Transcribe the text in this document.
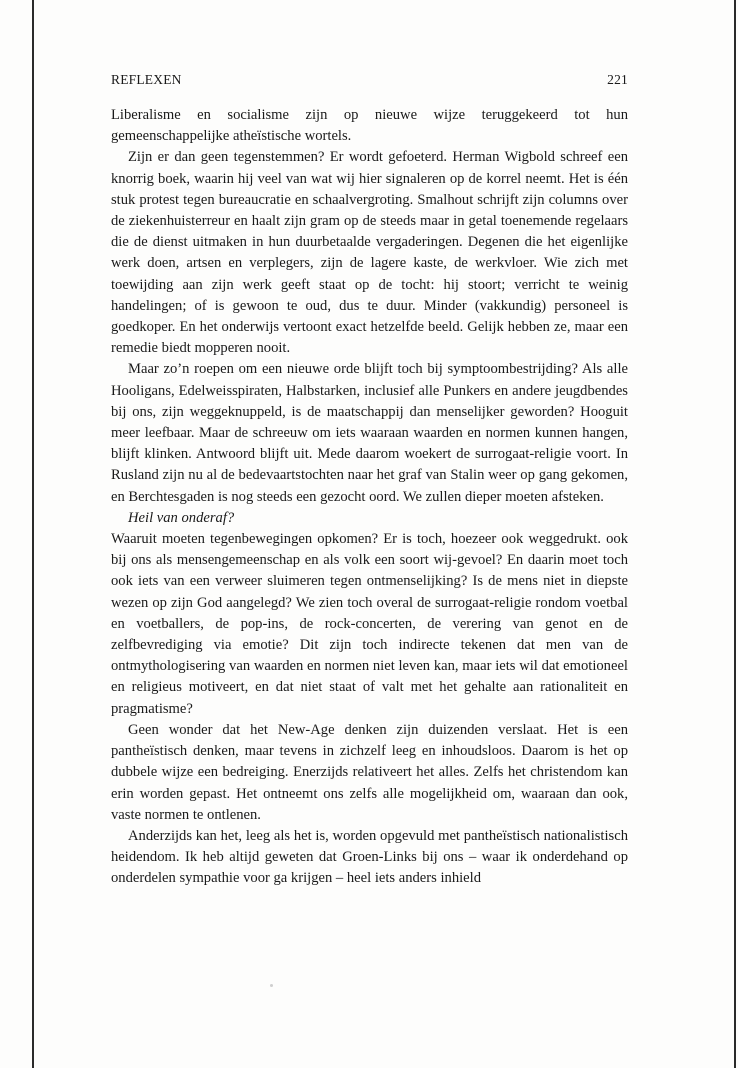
REFLEXEN	221

Liberalisme en socialisme zijn op nieuwe wijze teruggekeerd tot hun gemeenschappelijke atheïstische wortels.

Zijn er dan geen tegenstemmen? Er wordt gefoeterd. Herman Wigbold schreef een knorrig boek, waarin hij veel van wat wij hier signaleren op de korrel neemt. Het is één stuk protest tegen bureaucratie en schaalvergroting. Smalhout schrijft zijn columns over de ziekenhuisterreur en haalt zijn gram op de steeds maar in getal toenemende regelaars die de dienst uitmaken in hun duurbetaalde vergaderingen. Degenen die het eigenlijke werk doen, artsen en verplegers, zijn de lagere kaste, de werkvloer. Wie zich met toewijding aan zijn werk geeft staat op de tocht: hij stoort; verricht te weinig handelingen; of is gewoon te oud, dus te duur. Minder (vakkundig) personeel is goedkoper. En het onderwijs vertoont exact hetzelfde beeld. Gelijk hebben ze, maar een remedie biedt mopperen nooit.

Maar zo’n roepen om een nieuwe orde blijft toch bij symptoombestrijding? Als alle Hooligans, Edelweisspiraten, Halbstarken, inclusief alle Punkers en andere jeugdbendes bij ons, zijn weggeknuppeld, is de maatschappij dan menselijker geworden? Hooguit meer leefbaar. Maar de schreeuw om iets waaraan waarden en normen kunnen hangen, blijft klinken. Antwoord blijft uit. Mede daarom woekert de surrogaat-religie voort. In Rusland zijn nu al de bedevaartstochten naar het graf van Stalin weer op gang gekomen, en Berchtesgaden is nog steeds een gezocht oord. We zullen dieper moeten afsteken.

Heil van onderaf?

Waaruit moeten tegenbewegingen opkomen? Er is toch, hoezeer ook weggedrukt. ook bij ons als mensengemeenschap en als volk een soort wij-gevoel? En daarin moet toch ook iets van een verweer sluimeren tegen ontmenselijking? Is de mens niet in diepste wezen op zijn God aangelegd? We zien toch overal de surrogaat-religie rondom voetbal en voetballers, de pop-ins, de rock-concerten, de verering van genot en de zelfbevrediging via emotie? Dit zijn toch indirecte tekenen dat men van de ontmythologisering van waarden en normen niet leven kan, maar iets wil dat emotioneel en religieus motiveert, en dat niet staat of valt met het gehalte aan rationaliteit en pragmatisme?

Geen wonder dat het New-Age denken zijn duizenden verslaat. Het is een pantheïstisch denken, maar tevens in zichzelf leeg en inhoudsloos. Daarom is het op dubbele wijze een bedreiging. Enerzijds relativeert het alles. Zelfs het christendom kan erin worden gepast. Het ontneemt ons zelfs alle mogelijkheid om, waaraan dan ook, vaste normen te ontlenen.

Anderzijds kan het, leeg als het is, worden opgevuld met pantheïstisch nationalistisch heidendom. Ik heb altijd geweten dat Groen-Links bij ons – waar ik onderdehand op onderdelen sympathie voor ga krijgen – heel iets anders inhield
